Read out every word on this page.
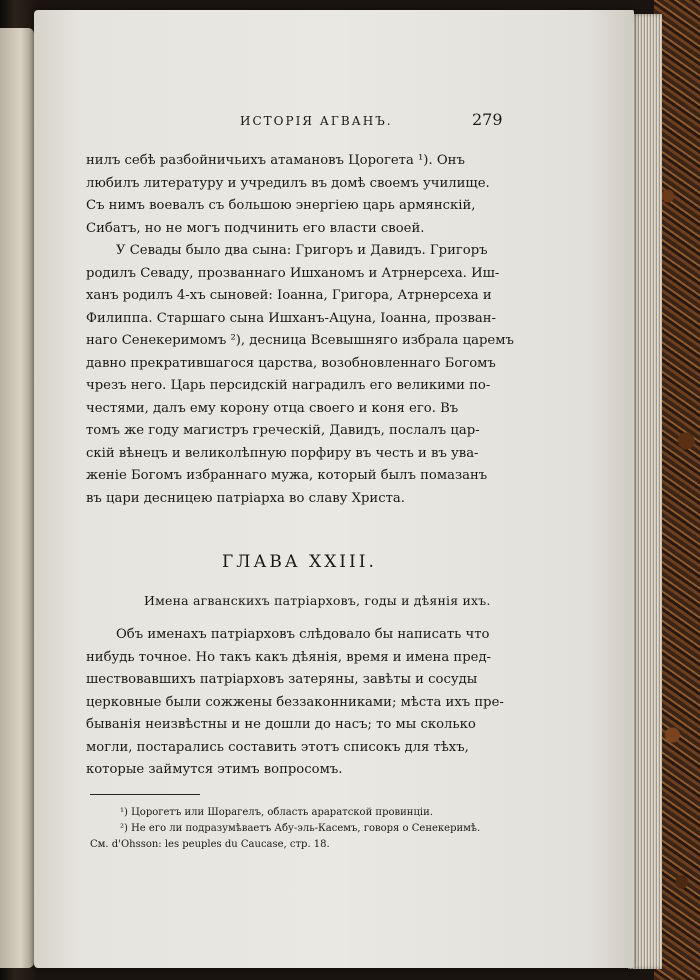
ИСТОРІЯ АГВАНЪ.	279

нилъ себѣ разбойничьихъ атамановъ Цорогета ¹). Онъ
любилъ литературу и учредилъ въ домѣ своемъ училище.
Съ нимъ воевалъ съ большою энергіею царь армянскій,
Сибатъ, но не могъ подчинить его власти своей.

У Севады было два сына: Григоръ и Давидъ. Григоръ
родилъ Севаду, прозваннаго Ишханомъ и Атрнерсеха. Иш-
ханъ родилъ 4-хъ сыновей: Іоанна, Григора, Атрнерсеха и
Филиппа. Старшаго сына Ишханъ-Ацуна, Іоанна, прозван-
наго Сенекеримомъ ²), десница Всевышняго избрала царемъ
давно прекратившагося царства, возобновленнаго Богомъ
чрезъ него. Царь персидскій наградилъ его великими по-
честями, далъ ему корону отца своего и коня его. Въ
томъ же году магистръ греческій, Давидъ, послалъ цар-
скій вѣнецъ и великолѣпную порфиру въ честь и въ ува-
женіе Богомъ избраннаго мужа, который былъ помазанъ
въ цари десницею патріарха во славу Христа.

ГЛАВА XXIII.
Имена агванскихъ патріарховъ, годы и дѣянія ихъ.
Объ именахъ патріарховъ слѣдовало бы написать что
нибудь точное. Но такъ какъ дѣянія, время и имена пред-
шествовавшихъ патріарховъ затеряны, завѣты и сосуды
церковные были сожжены беззаконниками; мѣста ихъ пре-
быванія неизвѣстны и не дошли до насъ; то мы сколько
могли, постарались составить этотъ списокъ для тѣхъ,
которые займутся этимъ вопросомъ.
¹) Цорогетъ или Шорагелъ, область араратской провинціи.
²) Не его ли подразумѣваетъ Абу-эль-Касемъ, говоря о Сенекеримѣ.
См. d'Ohsson: les peuples du Caucase, стр. 18.
